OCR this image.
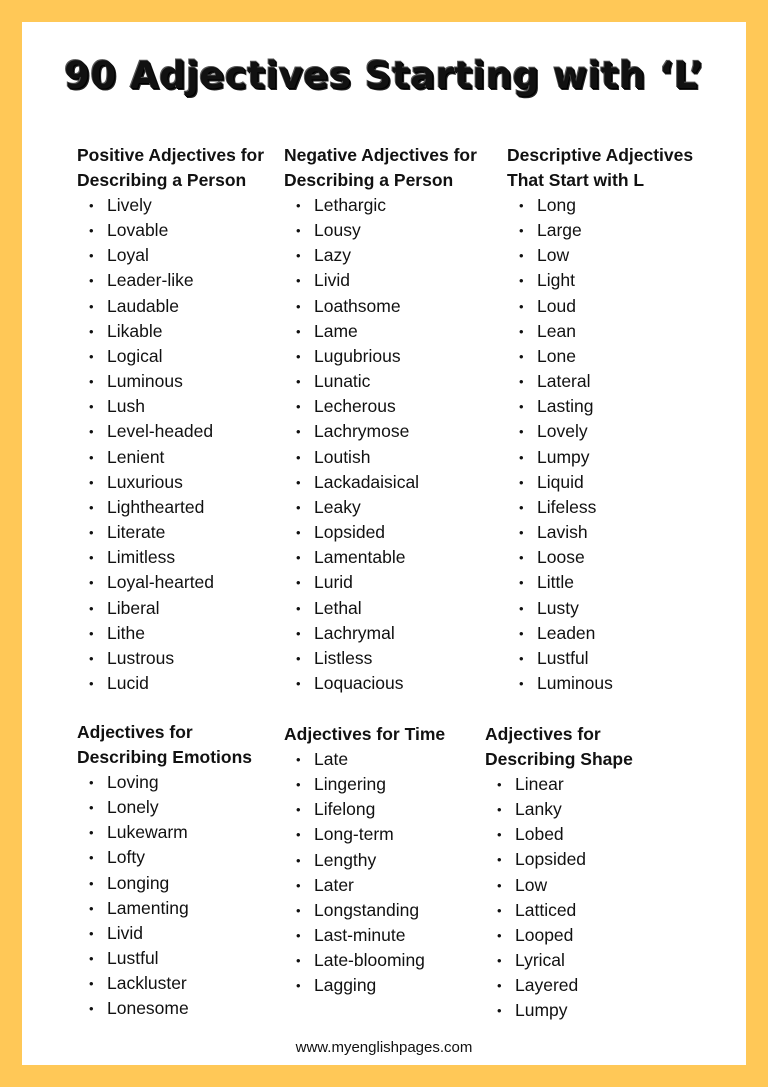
90 Adjectives Starting with ‘L’
Positive Adjectives for
Describing a Person
• Lively
• Lovable
• Loyal
• Leader-like
• Laudable
• Likable
• Logical
• Luminous
• Lush
• Level-headed
• Lenient
• Luxurious
• Lighthearted
• Literate
• Limitless
• Loyal-hearted
• Liberal
• Lithe
• Lustrous
• Lucid
Negative Adjectives for
Describing a Person
• Lethargic
• Lousy
• Lazy
• Livid
• Loathsome
• Lame
• Lugubrious
• Lunatic
• Lecherous
• Lachrymose
• Loutish
• Lackadaisical
• Leaky
• Lopsided
• Lamentable
• Lurid
• Lethal
• Lachrymal
• Listless
• Loquacious
Descriptive Adjectives
That Start with L
• Long
• Large
• Low
• Light
• Loud
• Lean
• Lone
• Lateral
• Lasting
• Lovely
• Lumpy
• Liquid
• Lifeless
• Lavish
• Loose
• Little
• Lusty
• Leaden
• Lustful
• Luminous
Adjectives for
Describing Emotions
• Loving
• Lonely
• Lukewarm
• Lofty
• Longing
• Lamenting
• Livid
• Lustful
• Lackluster
• Lonesome
Adjectives for Time
• Late
• Lingering
• Lifelong
• Long-term
• Lengthy
• Later
• Longstanding
• Last-minute
• Late-blooming
• Lagging
Adjectives for
Describing Shape
• Linear
• Lanky
• Lobed
• Lopsided
• Low
• Latticed
• Looped
• Lyrical
• Layered
• Lumpy
www.myenglishpages.com
